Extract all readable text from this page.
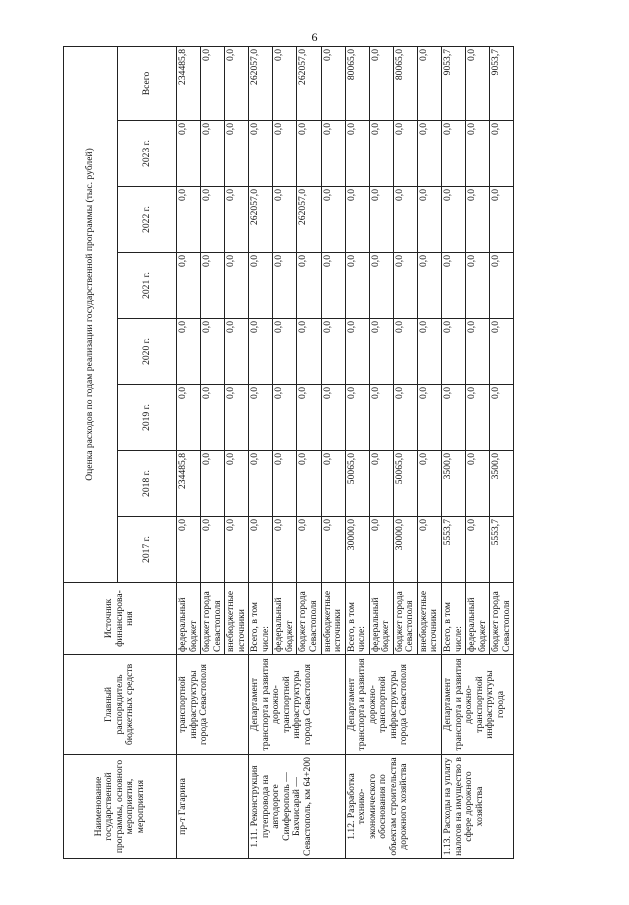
6
Наименование государственной программы, основного мероприятия, мероприятия	Главный распорядитель бюджетных средств	Источник финансирова-ния	Оценка расходов по годам реализации государственной программы (тыс. рублей)							
			2017 г.	2018 г.	2019 г.	2020 г.	2021 г.	2022 г.	2023 г.	Всего
пр-т Гагарина	транспортной инфраструктуры города Севастополя	федеральный бюджет	0,0	234485,8	0,0	0,0	0,0	0,0	0,0	234485,8
		бюджет города Севастополя	0,0	0,0	0,0	0,0	0,0	0,0	0,0	0,0
		внебюджетные источники	0,0	0,0	0,0	0,0	0,0	0,0	0,0	0,0
1.11. Реконструкция путепровода на автодороге Симферополь — Бахчисарай — Севастополь, км 64+200	Департамент транспорта и развития дорожно-транспортной инфраструктуры города Севастополя	Всего, в том числе:	0,0	0,0	0,0	0,0	0,0	262057,0	0,0	262057,0
		федеральный бюджет	0,0	0,0	0,0	0,0	0,0	0,0	0,0	0,0
		бюджет города Севастополя	0,0	0,0	0,0	0,0	0,0	262057,0	0,0	262057,0
		внебюджетные источники	0,0	0,0	0,0	0,0	0,0	0,0	0,0	0,0
1.12. Разработка технико-экономического обоснования по объектам строительства дорожного хозяйства	Департамент транспорта и развития дорожно-транспортной инфраструктуры города Севастополя	Всего, в том числе:	30000,0	50065,0	0,0	0,0	0,0	0,0	0,0	80065,0
		федеральный бюджет	0,0	0,0	0,0	0,0	0,0	0,0	0,0	0,0
		бюджет города Севастополя	30000,0	50065,0	0,0	0,0	0,0	0,0	0,0	80065,0
		внебюджетные источники	0,0	0,0	0,0	0,0	0,0	0,0	0,0	0,0
1.13. Расходы на уплату налогов на имущество в сфере дорожного хозяйства	Департамент транспорта и развития дорожно-транспортной инфраструктуры города	Всего, в том числе:	5553,7	3500,0	0,0	0,0	0,0	0,0	0,0	9053,7
		федеральный бюджет	0,0	0,0	0,0	0,0	0,0	0,0	0,0	0,0
		бюджет города Севастополя	5553,7	3500,0	0,0	0,0	0,0	0,0	0,0	9053,7
